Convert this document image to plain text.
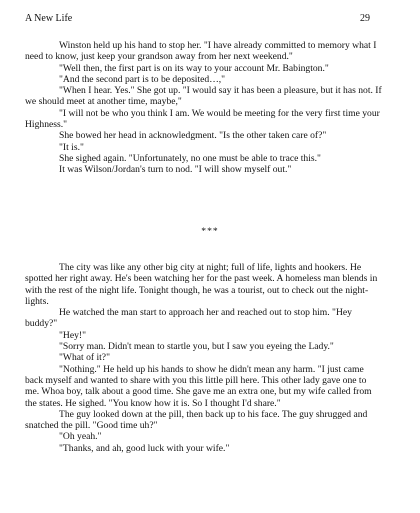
A New Life	29

Winston held up his hand to stop her. "I have already committed to memory what I need to know, just keep your grandson away from her next weekend."

"Well then, the first part is on its way to your account Mr. Babington."

"And the second part is to be deposited…,"

"When I hear. Yes." She got up. "I would say it has been a pleasure, but it has not. If we should meet at another time, maybe,"

"I will not be who you think I am. We would be meeting for the very first time your Highness."

She bowed her head in acknowledgment. "Is the other taken care of?"

"It is."

She sighed again. "Unfortunately, no one must be able to trace this."

It was Wilson/Jordan's turn to nod. "I will show myself out."

***

The city was like any other big city at night; full of life, lights and hookers. He spotted her right away. He's been watching her for the past week. A homeless man blends in with the rest of the night life. Tonight though, he was a tourist, out to check out the night-lights.

He watched the man start to approach her and reached out to stop him. "Hey buddy?"

"Hey!"

"Sorry man. Didn't mean to startle you, but I saw you eyeing the Lady."

"What of it?"

"Nothing." He held up his hands to show he didn't mean any harm. "I just came back myself and wanted to share with you this little pill here. This other lady gave one to me. Whoa boy, talk about a good time. She gave me an extra one, but my wife called from the states. He sighed. "You know how it is. So I thought I'd share."

The guy looked down at the pill, then back up to his face. The guy shrugged and snatched the pill. "Good time uh?"

"Oh yeah."

"Thanks, and ah, good luck with your wife."
